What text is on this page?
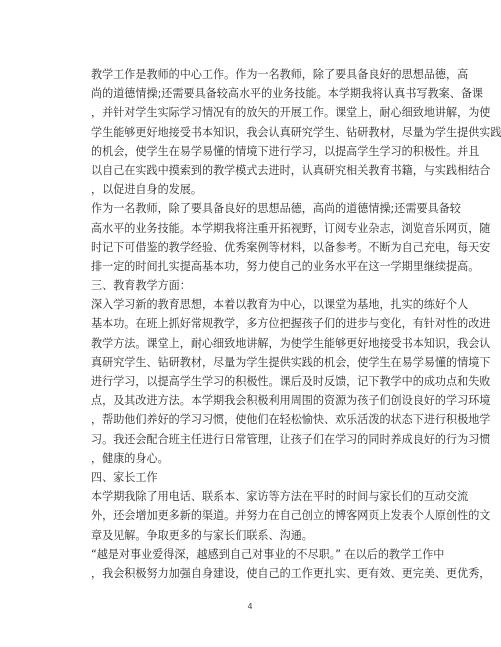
教学工作是教师的中心工作。作为一名教师，除了要具备良好的思想品德，高
尚的道德情操;还需要具备较高水平的业务技能。本学期我将认真书写教案、备课
，并针对学生实际学习情况有的放矢的开展工作。课堂上，耐心细致地讲解，为使
学生能够更好地接受书本知识，我会认真研究学生、钻研教材，尽量为学生提供实践
的机会，使学生在易学易懂的情境下进行学习，以提高学生学习的积极性。并且
以自己在实践中摸索到的教学模式去进时，认真研究相关教育书籍，与实践相结合
，以促进自身的发展。
作为一名教师，除了要具备良好的思想品德，高尚的道德情操;还需要具备较
高水平的业务技能。本学期我将注重开拓视野，订阅专业杂志，浏览音乐网页，随
时记下可借鉴的教学经验、优秀案例等材料，以备参考。不断为自己充电，每天安
排一定的时间扎实提高基本功，努力使自己的业务水平在这一学期里继续提高。
三、教育教学方面：
深入学习新的教育思想，本着以教育为中心，以课堂为基地，扎实的练好个人
基本功。在班上抓好常规教学，多方位把握孩子们的进步与变化，有针对性的改进
教学方法。课堂上，耐心细致地讲解，为使学生能够更好地接受书本知识，我会认
真研究学生、钻研教材，尽量为学生提供实践的机会，使学生在易学易懂的情境下
进行学习，以提高学生学习的积极性。课后及时反馈，记下教学中的成功点和失败
点，及其改进方法。本学期我会积极利用周围的资源为孩子们创设良好的学习环境
，帮助他们养好的学习习惯，使他们在轻松愉快、欢乐活泼的状态下进行积极地学
习。我还会配合班主任进行日常管理，让孩子们在学习的同时养成良好的行为习惯
，健康的身心。
四、家长工作
本学期我除了用电话、联系本、家访等方法在平时的时间与家长们的互动交流
外，还会增加更多新的渠道。并努力在自己创立的博客网页上发表个人原创性的文
章及见解。争取更多的与家长们联系、沟通。
“越是对事业爱得深，越感到自己对事业的不尽职。” 在以后的教学工作中
，我会积极努力加强自身建设，使自己的工作更扎实、更有效、更完美、更优秀，
4
